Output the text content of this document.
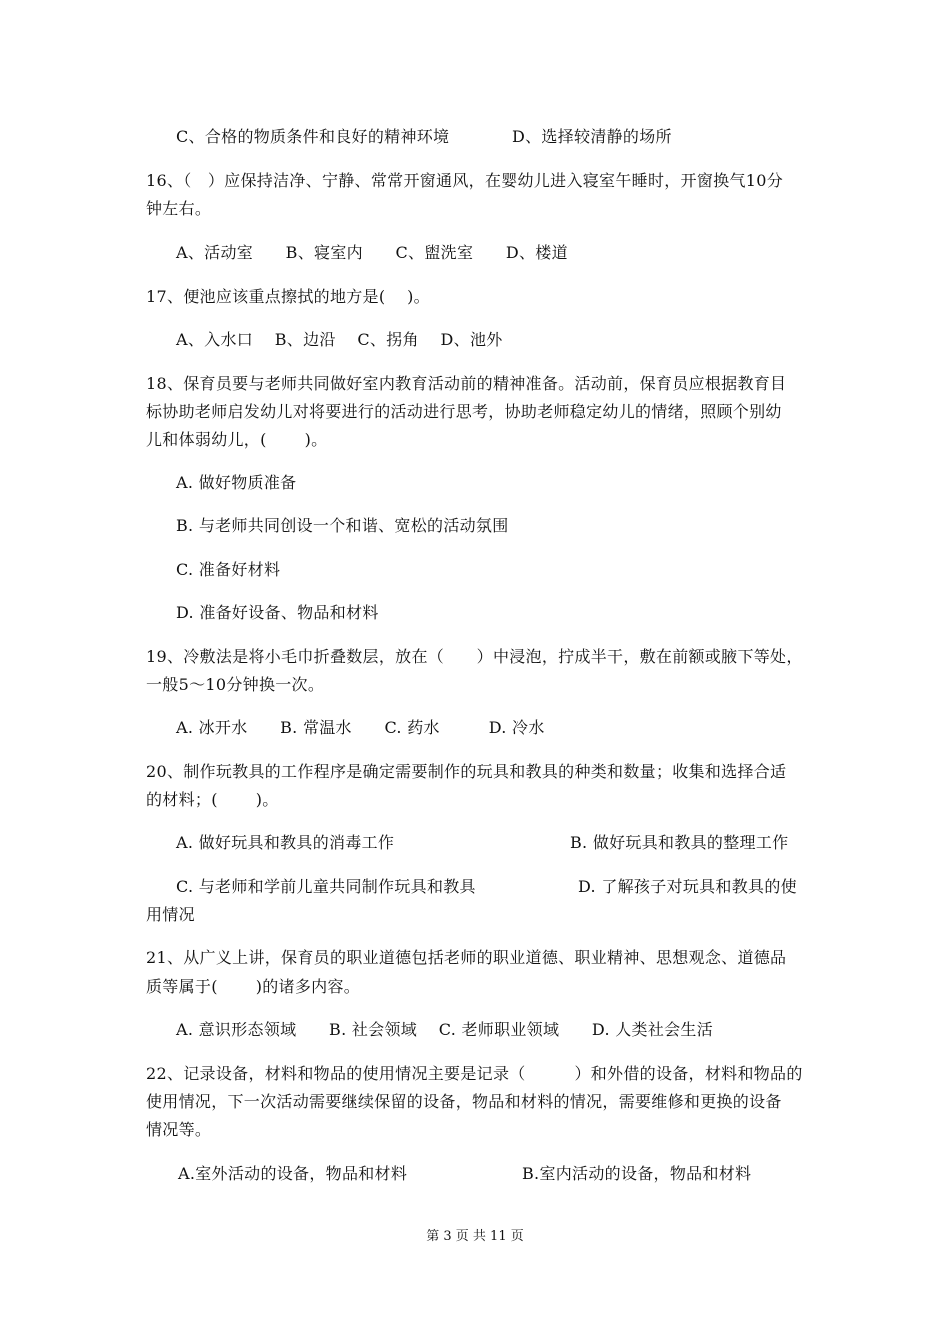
C、合格的物质条件和良好的精神环境	D、选择较清静的场所
16、（　）应保持洁净、宁静、常常开窗通风，在婴幼儿进入寝室午睡时，开窗换气10分
钟左右。
A、活动室　　B、寝室内　　C、盥洗室　　D、楼道
17、便池应该重点擦拭的地方是(　 )。
A、入水口　 B、边沿　 C、拐角　 D、池外
18、保育员要与老师共同做好室内教育活动前的精神准备。活动前，保育员应根据教育目
标协助老师启发幼儿对将要进行的活动进行思考，协助老师稳定幼儿的情绪，照顾个别幼
儿和体弱幼儿，(　　 )。
A. 做好物质准备
B. 与老师共同创设一个和谐、宽松的活动氛围
C. 准备好材料
D. 准备好设备、物品和材料
19、冷敷法是将小毛巾折叠数层，放在（　　）中浸泡，拧成半干，敷在前额或腋下等处，
一般5～10分钟换一次。
A. 冰开水　　B. 常温水　　C. 药水　　　D. 冷水
20、制作玩教具的工作程序是确定需要制作的玩具和教具的种类和数量；收集和选择合适
的材料；(　　 )。
A. 做好玩具和教具的消毒工作	B. 做好玩具和教具的整理工作
C. 与老师和学前儿童共同制作玩具和教具	D. 了解孩子对玩具和教具的使
用情况
21、从广义上讲，保育员的职业道德包括老师的职业道德、职业精神、思想观念、道德品
质等属于(　　 )的诸多内容。
A. 意识形态领域　　B. 社会领域　 C. 老师职业领域　　D. 人类社会生活
22、记录设备，材料和物品的使用情况主要是记录（　　　）和外借的设备，材料和物品的
使用情况，下一次活动需要继续保留的设备，物品和材料的情况，需要维修和更换的设备
情况等。
A.室外活动的设备，物品和材料	B.室内活动的设备，物品和材料
第 3 页 共 11 页
